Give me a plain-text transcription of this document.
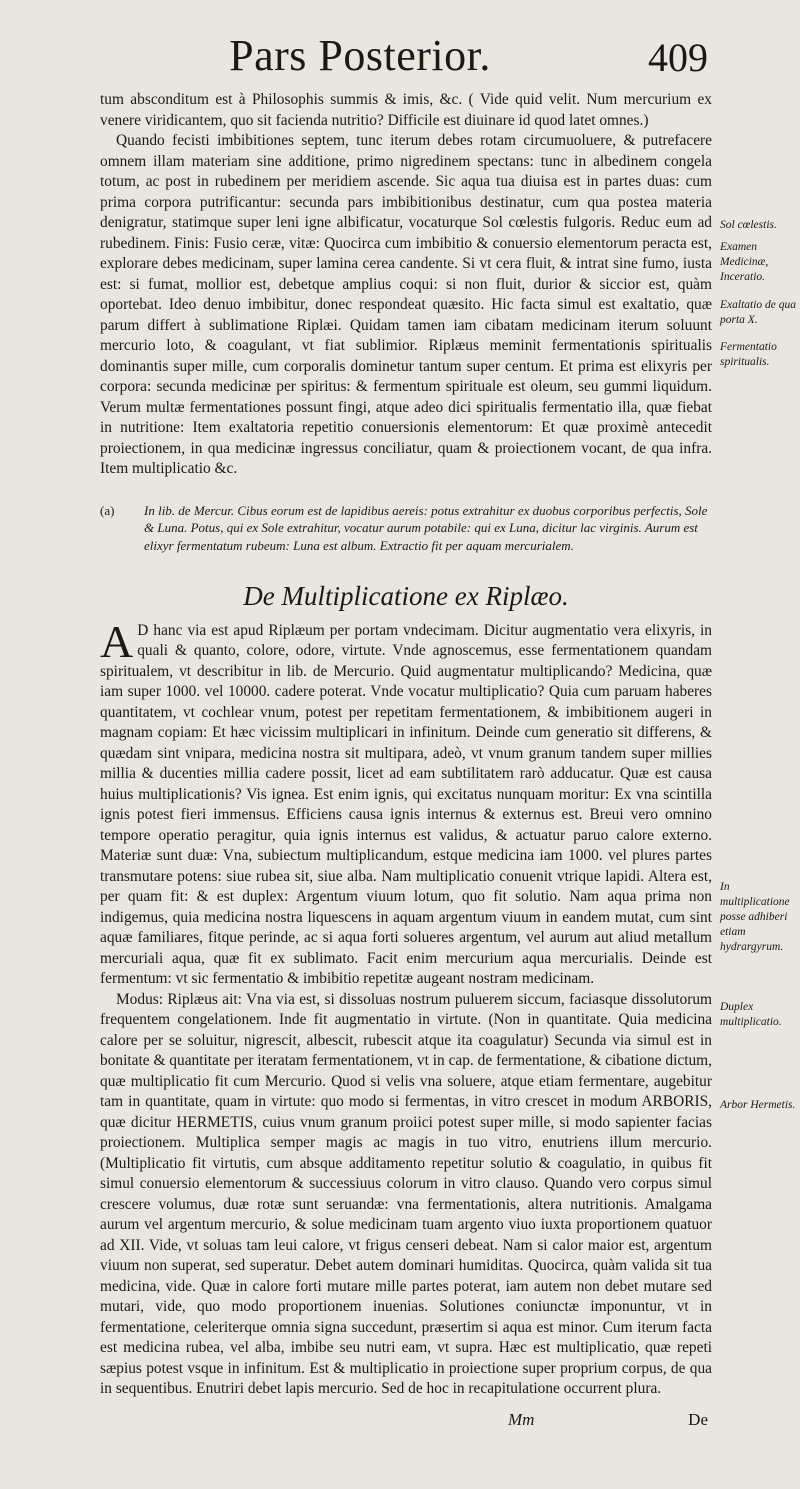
Pars Posterior.	409

tum absconditum est à Philosophis summis & imis, &c. ( Vide quid velit. Num mercurium ex venere viridicantem, quo sit facienda nutritio? Difficile est diuinare id quod latet omnes.)

Quando fecisti imbibitiones septem, tunc iterum debes rotam circumuoluere, & putrefacere omnem illam materiam sine additione, primo nigredinem spectans: tunc in albedinem congela totum, ac post in rubedinem per meridiem ascende. Sic aqua tua diuisa est in partes duas: cum prima corpora putrificantur: secunda pars imbibitionibus destinatur, cum qua postea materia denigratur, statimque super leni igne albificatur, vocaturque Sol cœlestis fulgoris. Reduc eum ad rubedinem. Finis: Fusio ceræ, vitæ: Quocirca cum imbibitio & conuersio elementorum peracta est, explorare debes medicinam, super lamina cerea candente. Si vt cera fluit, & intrat sine fumo, iusta est: si fumat, mollior est, debetque amplius coqui: si non fluit, durior & siccior est, quàm oportebat. Ideo denuo imbibitur, donec respondeat quæsito. Hic facta simul est exaltatio, quæ parum differt à sublimatione Riplæi. Quidam tamen iam cibatam medicinam iterum soluunt mercurio loto, & coagulant, vt fiat sublimior. Riplæus meminit fermentationis spiritualis dominantis super mille, cum corporalis dominetur tantum super centum. Et prima est elixyris per corpora: secunda medicinæ per spiritus: & fermentum spirituale est oleum, seu gummi liquidum. Verum multæ fermentationes possunt fingi, atque adeo dici spiritualis fermentatio illa, quæ fiebat in nutritione: Item exaltatoria repetitio conuersionis elementorum: Et quæ proximè antecedit proiectionem, in qua medicinæ ingressus conciliatur, quam & proiectionem vocant, de qua infra. Item multiplicatio &c.

(a) In lib. de Mercur. Cibus eorum est de lapidibus aereis: potus extrahitur ex duobus corporibus perfectis, Sole & Luna. Potus, qui ex Sole extrahitur, vocatur aurum potabile: qui ex Luna, dicitur lac virginis. Aurum est elixyr fermentatum rubeum: Luna est album. Extractio fit per aquam mercurialem.
De Multiplicatione ex Riplæo.

A D hanc via est apud Riplæum per portam vndecimam. Dicitur augmentatio vera elixyris, in quali & quanto, colore, odore, virtute. Vnde agnoscemus, esse fermentationem quandam spiritualem, vt describitur in lib. de Mercurio. Quid augmentatur multiplicando? Medicina, quæ iam super 1000. vel 10000. cadere poterat. Vnde vocatur multiplicatio? Quia cum paruam haberes quantitatem, vt cochlear vnum, potest per repetitam fermentationem, & imbibitionem augeri in magnam copiam: Et hæc vicissim multiplicari in infinitum. Deinde cum generatio sit differens, & quædam sint vnipara, medicina nostra sit multipara, adeò, vt vnum granum tandem super millies millia & ducenties millia cadere possit, licet ad eam subtilitatem rarò adducatur. Quæ est causa huius multiplicationis? Vis ignea. Est enim ignis, qui excitatus nunquam moritur: Ex vna scintilla ignis potest fieri immensus. Efficiens causa ignis internus & externus est. Breui vero omnino tempore operatio peragitur, quia ignis internus est validus, & actuatur paruo calore externo. Materiæ sunt duæ: Vna, subiectum multiplicandum, estque medicina iam 1000. vel plures partes transmutare potens: siue rubea sit, siue alba. Nam multiplicatio conuenit vtrique lapidi. Altera est, per quam fit: & est duplex: Argentum viuum lotum, quo fit solutio. Nam aqua prima non indigemus, quia medicina nostra liquescens in aquam argentum viuum in eandem mutat, cum sint aquæ familiares, fitque perinde, ac si aqua forti solueres argentum, vel aurum aut aliud metallum mercuriali aqua, quæ fit ex sublimato. Facit enim mercurium aqua mercurialis. Deinde est fermentum: vt sic fermentatio & imbibitio repetitæ augeant nostram medicinam.

Modus: Riplæus ait: Vna via est, si dissoluas nostrum puluerem siccum, faciasque dissolutorum frequentem congelationem. Inde fit augmentatio in virtute. (Non in quantitate. Quia medicina calore per se soluitur, nigrescit, albescit, rubescit atque ita coagulatur) Secunda via simul est in bonitate & quantitate per iteratam fermentationem, vt in cap. de fermentatione, & cibatione dictum, quæ multiplicatio fit cum Mercurio. Quod si velis vna soluere, atque etiam fermentare, augebitur tam in quantitate, quam in virtute: quo modo si fermentas, in vitro crescet in modum ARBORIS, quæ dicitur HERMETIS, cuius vnum granum proiici potest super mille, si modo sapienter facias proiectionem. Multiplica semper magis ac magis in tuo vitro, enutriens illum mercurio. (Multiplicatio fit virtutis, cum absque additamento repetitur solutio & coagulatio, in quibus fit simul conuersio elementorum & successiuus colorum in vitro clauso. Quando vero corpus simul crescere volumus, duæ rotæ sunt seruandæ: vna fermentationis, altera nutritionis. Amalgama aurum vel argentum mercurio, & solue medicinam tuam argento viuo iuxta proportionem quatuor ad XII. Vide, vt soluas tam leui calore, vt frigus censeri debeat. Nam si calor maior est, argentum viuum non superat, sed superatur. Debet autem dominari humiditas. Quocirca, quàm valida sit tua medicina, vide. Quæ in calore forti mutare mille partes poterat, iam autem non debet mutare sed mutari, vide, quo modo proportionem inuenias. Solutiones coniunctæ imponuntur, vt in fermentatione, celeriterque omnia signa succedunt, præsertim si aqua est minor. Cum iterum facta est medicina rubea, vel alba, imbibe seu nutri eam, vt supra. Hæc est multiplicatio, quæ repeti sæpius potest vsque in infinitum. Est & multiplicatio in proiectione super proprium corpus, de qua in sequentibus. Enutriri debet lapis mercurio. Sed de hoc in recapitulatione occurrent plura.

Sol cœlestis.
Examen Medicinæ, Inceratio.
Exaltatio de qua porta X.
Fermentatio spiritualis.
In multiplicatione posse adhiberi etiam hydrargyrum.
Duplex multiplicatio.
Arbor Hermetis.
Mm	De
